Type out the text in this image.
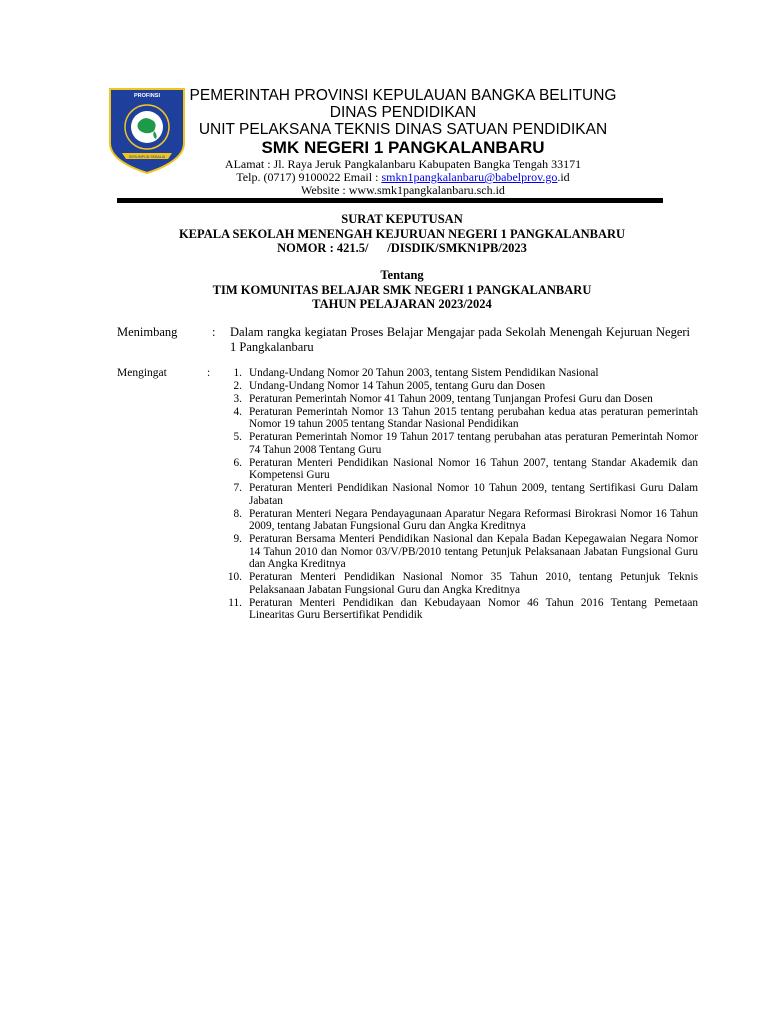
PROFINSI
SERUMPUN SEBALAI
PEMERINTAH PROVINSI KEPULAUAN BANGKA BELITUNG
DINAS PENDIDIKAN
UNIT PELAKSANA TEKNIS DINAS SATUAN PENDIDIKAN
SMK NEGERI 1 PANGKALANBARU
ALamat : Jl. Raya Jeruk Pangkalanbaru Kabupaten Bangka Tengah 33171
Telp. (0717) 9100022 Email : smkn1pangkalanbaru@babelprov.go.id
Website : www.smk1pangkalanbaru.sch.id
SURAT KEPUTUSAN
KEPALA SEKOLAH MENENGAH KEJURUAN NEGERI 1 PANGKALANBARU
NOMOR : 421.5/      /DISDIK/SMKN1PB/2023
Tentang
TIM KOMUNITAS BELAJAR SMK NEGERI 1 PANGKALANBARU
TAHUN PELAJARAN 2023/2024
Menimbang	: Dalam rangka kegiatan Proses Belajar Mengajar pada Sekolah Menengah Kejuruan Negeri 1 Pangkalanbaru
Mengingat	:	1. Undang-Undang Nomor 20 Tahun 2003, tentang Sistem Pendidikan Nasional
2. Undang-Undang Nomor 14 Tahun 2005, tentang Guru dan Dosen
3. Peraturan Pemerintah Nomor 41 Tahun 2009, tentang Tunjangan Profesi Guru dan Dosen
4. Peraturan Pemerintah Nomor 13 Tahun 2015 tentang perubahan kedua atas peraturan pemerintah Nomor 19 tahun 2005 tentang Standar Nasional Pendidikan
5. Peraturan Pemerintah Nomor 19 Tahun 2017 tentang perubahan atas peraturan Pemerintah Nomor 74 Tahun 2008 Tentang Guru
6. Peraturan Menteri Pendidikan Nasional Nomor 16 Tahun 2007, tentang Standar Akademik dan Kompetensi Guru
7. Peraturan Menteri Pendidikan Nasional Nomor 10 Tahun 2009, tentang Sertifikasi Guru Dalam Jabatan
8. Peraturan Menteri Negara Pendayagunaan Aparatur Negara Reformasi Birokrasi Nomor 16 Tahun 2009, tentang Jabatan Fungsional Guru dan Angka Kreditnya
9. Peraturan Bersama Menteri Pendidikan Nasional dan Kepala Badan Kepegawaian Negara Nomor 14 Tahun 2010 dan Nomor 03/V/PB/2010 tentang Petunjuk Pelaksanaan Jabatan Fungsional Guru dan Angka Kreditnya
10. Peraturan Menteri Pendidikan Nasional Nomor 35 Tahun 2010, tentang Petunjuk Teknis Pelaksanaan Jabatan Fungsional Guru dan Angka Kreditnya
11. Peraturan Menteri Pendidikan dan Kebudayaan Nomor 46 Tahun 2016 Tentang Pemetaan Linearitas Guru Bersertifikat Pendidik
